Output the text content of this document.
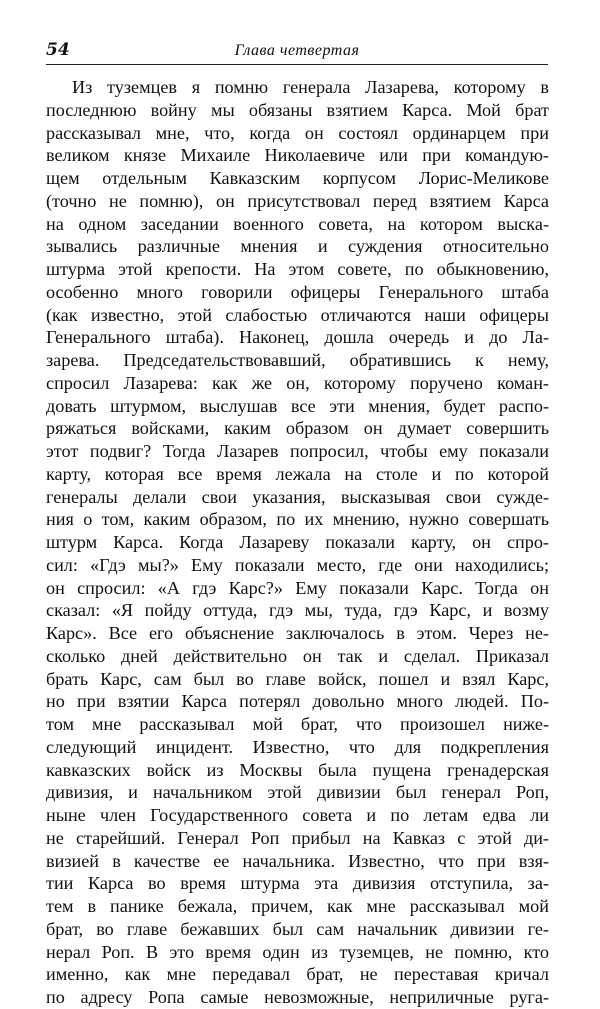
54	Глава четвертая
Из туземцев я помню генерала Лазарева, которому в
последнюю войну мы обязаны взятием Карса. Мой брат
рассказывал мне, что, когда он состоял ординарцем при
великом князе Михаиле Николаевиче или при командую-
щем отдельным Кавказским корпусом Лорис-Меликове
(точно не помню), он присутствовал перед взятием Карса
на одном заседании военного совета, на котором выска-
зывались различные мнения и суждения относительно
штурма этой крепости. На этом совете, по обыкновению,
особенно много говорили офицеры Генерального штаба
(как известно, этой слабостью отличаются наши офицеры
Генерального штаба). Наконец, дошла очередь и до Ла-
зарева. Председательствовавший, обратившись к нему,
спросил Лазарева: как же он, которому поручено коман-
довать штурмом, выслушав все эти мнения, будет распо-
ряжаться войсками, каким образом он думает совершить
этот подвиг? Тогда Лазарев попросил, чтобы ему показали
карту, которая все время лежала на столе и по которой
генералы делали свои указания, высказывая свои сужде-
ния о том, каким образом, по их мнению, нужно совершать
штурм Карса. Когда Лазареву показали карту, он спро-
сил: «Гдэ мы?» Ему показали место, где они находились;
он спросил: «А гдэ Карс?» Ему показали Карс. Тогда он
сказал: «Я пойду оттуда, гдэ мы, туда, гдэ Карс, и возму
Карс». Все его объяснение заключалось в этом. Через не-
сколько дней действительно он так и сделал. Приказал
брать Карс, сам был во главе войск, пошел и взял Карс,
но при взятии Карса потерял довольно много людей. По-
том мне рассказывал мой брат, что произошел ниже-
следующий инцидент. Известно, что для подкрепления
кавказских войск из Москвы была пущена гренадерская
дивизия, и начальником этой дивизии был генерал Роп,
ныне член Государственного совета и по летам едва ли
не старейший. Генерал Роп прибыл на Кавказ с этой ди-
визией в качестве ее начальника. Известно, что при взя-
тии Карса во время штурма эта дивизия отступила, за-
тем в панике бежала, причем, как мне рассказывал мой
брат, во главе бежавших был сам начальник дивизии ге-
нерал Роп. В это время один из туземцев, не помню, кто
именно, как мне передавал брат, не переставая кричал
по адресу Ропа самые невозможные, неприличные руга-
